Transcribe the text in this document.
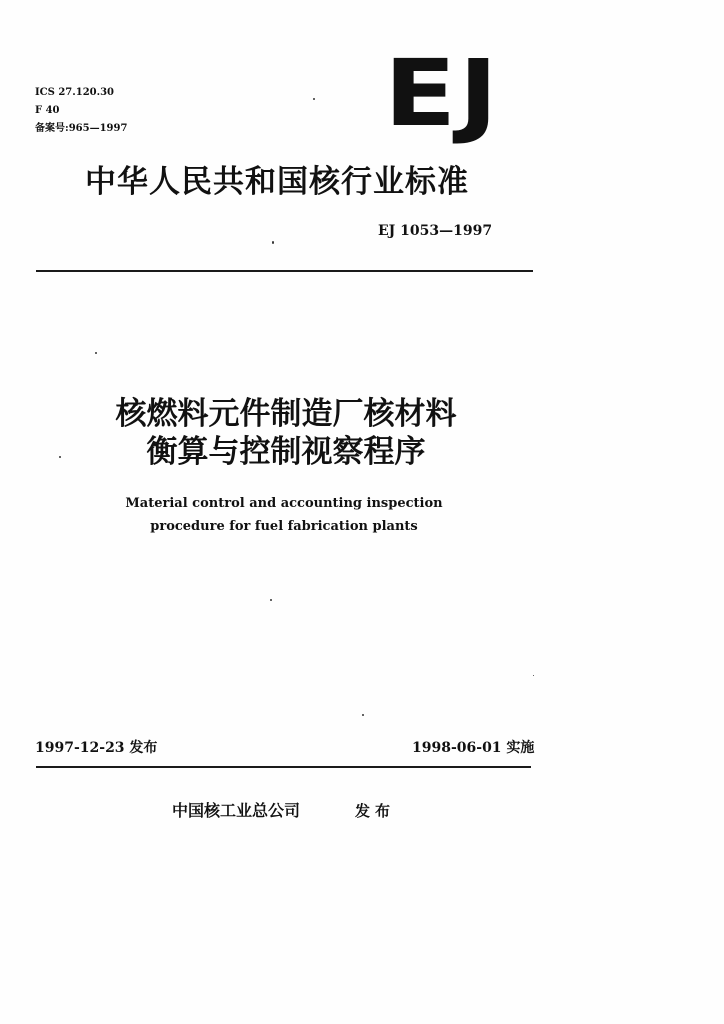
ICS 27.120.30
F 40
备案号:965—1997	EJ
中华人民共和国核行业标准
EJ 1053—1997
核燃料元件制造厂核材料
衡算与控制视察程序
Material control and accounting inspection
procedure for fuel fabrication plants
1997-12-23 发布	1998-06-01 实施
中国核工业总公司	发布
